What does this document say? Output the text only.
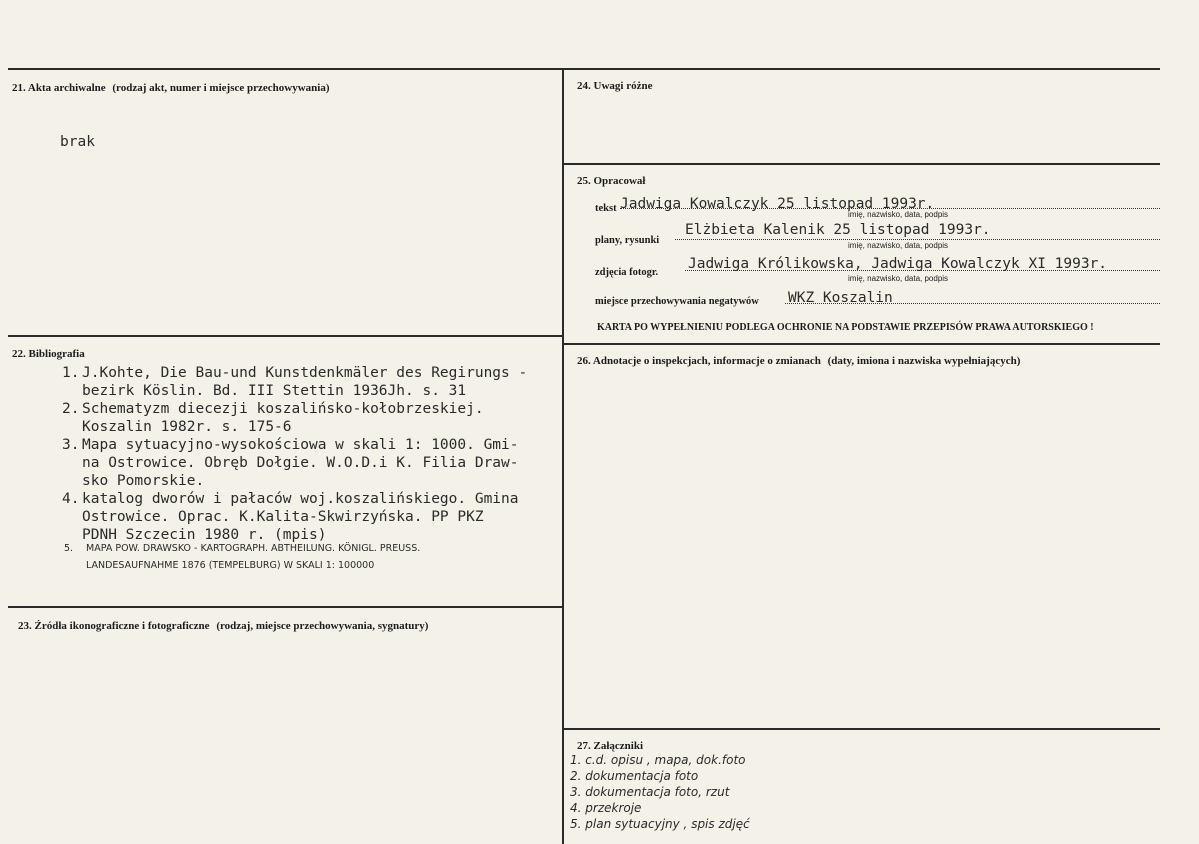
21. Akta archiwalne (rodzaj akt, numer i miejsce przechowywania)
brak
22. Bibliografia
1. J.Kohte, Die Bau-und Kunstdenkmäler des Regirungs -
bezirk Köslin. Bd. III Stettin 1936Jh. s. 31
2. Schematyzm diecezji koszalińsko-kołobrzeskiej.
Koszalin 1982r. s. 175-6
3. Mapa sytuacyjno-wysokościowa w skali 1: 1000. Gmi-
na Ostrowice. Obręb Dołgie. W.O.D.i K. Filia Draw-
sko Pomorskie.
4. katalog dworów i pałaców woj.koszalińskiego. Gmina
Ostrowice. Oprac. K.Kalita-Skwirzyńska. PP PKZ
PDNH Szczecin 1980 r. (mpis)
5. MAPA POW. DRAWSKO - KARTOGRAPH. ABTHEILUNG. KÖNIGL. PREUSS.
LANDESAUFNAHME 1876 (TEMPELBURG) W SKALI 1: 100000
23. Źródła ikonograficzne i fotograficzne (rodzaj, miejsce przechowywania, sygnatury)
24. Uwagi różne
25. Opracował
tekst Jadwiga Kowalczyk 25 listopad 1993r.
imię, nazwisko, data, podpis
plany, rysunki
Elżbieta Kalenik 25 listopad 1993r.
imię, nazwisko, data, podpis
zdjęcia fotogr.
Jadwiga Królikowska, Jadwiga Kowalczyk XI 1993r.
imię, nazwisko, data, podpis
miejsce przechowywania negatywów WKZ Koszalin
KARTA PO WYPEŁNIENIU PODLEGA OCHRONIE NA PODSTAWIE PRZEPISÓW PRAWA AUTORSKIEGO !
26. Adnotacje o inspekcjach, informacje o zmianach (daty, imiona i nazwiska wypełniających)
27. Załączniki
1. c.d. opisu , mapa, dok.foto
2. dokumentacja foto
3. dokumentacja foto, rzut
4. przekroje
5. plan sytuacyjny , spis zdjęć
